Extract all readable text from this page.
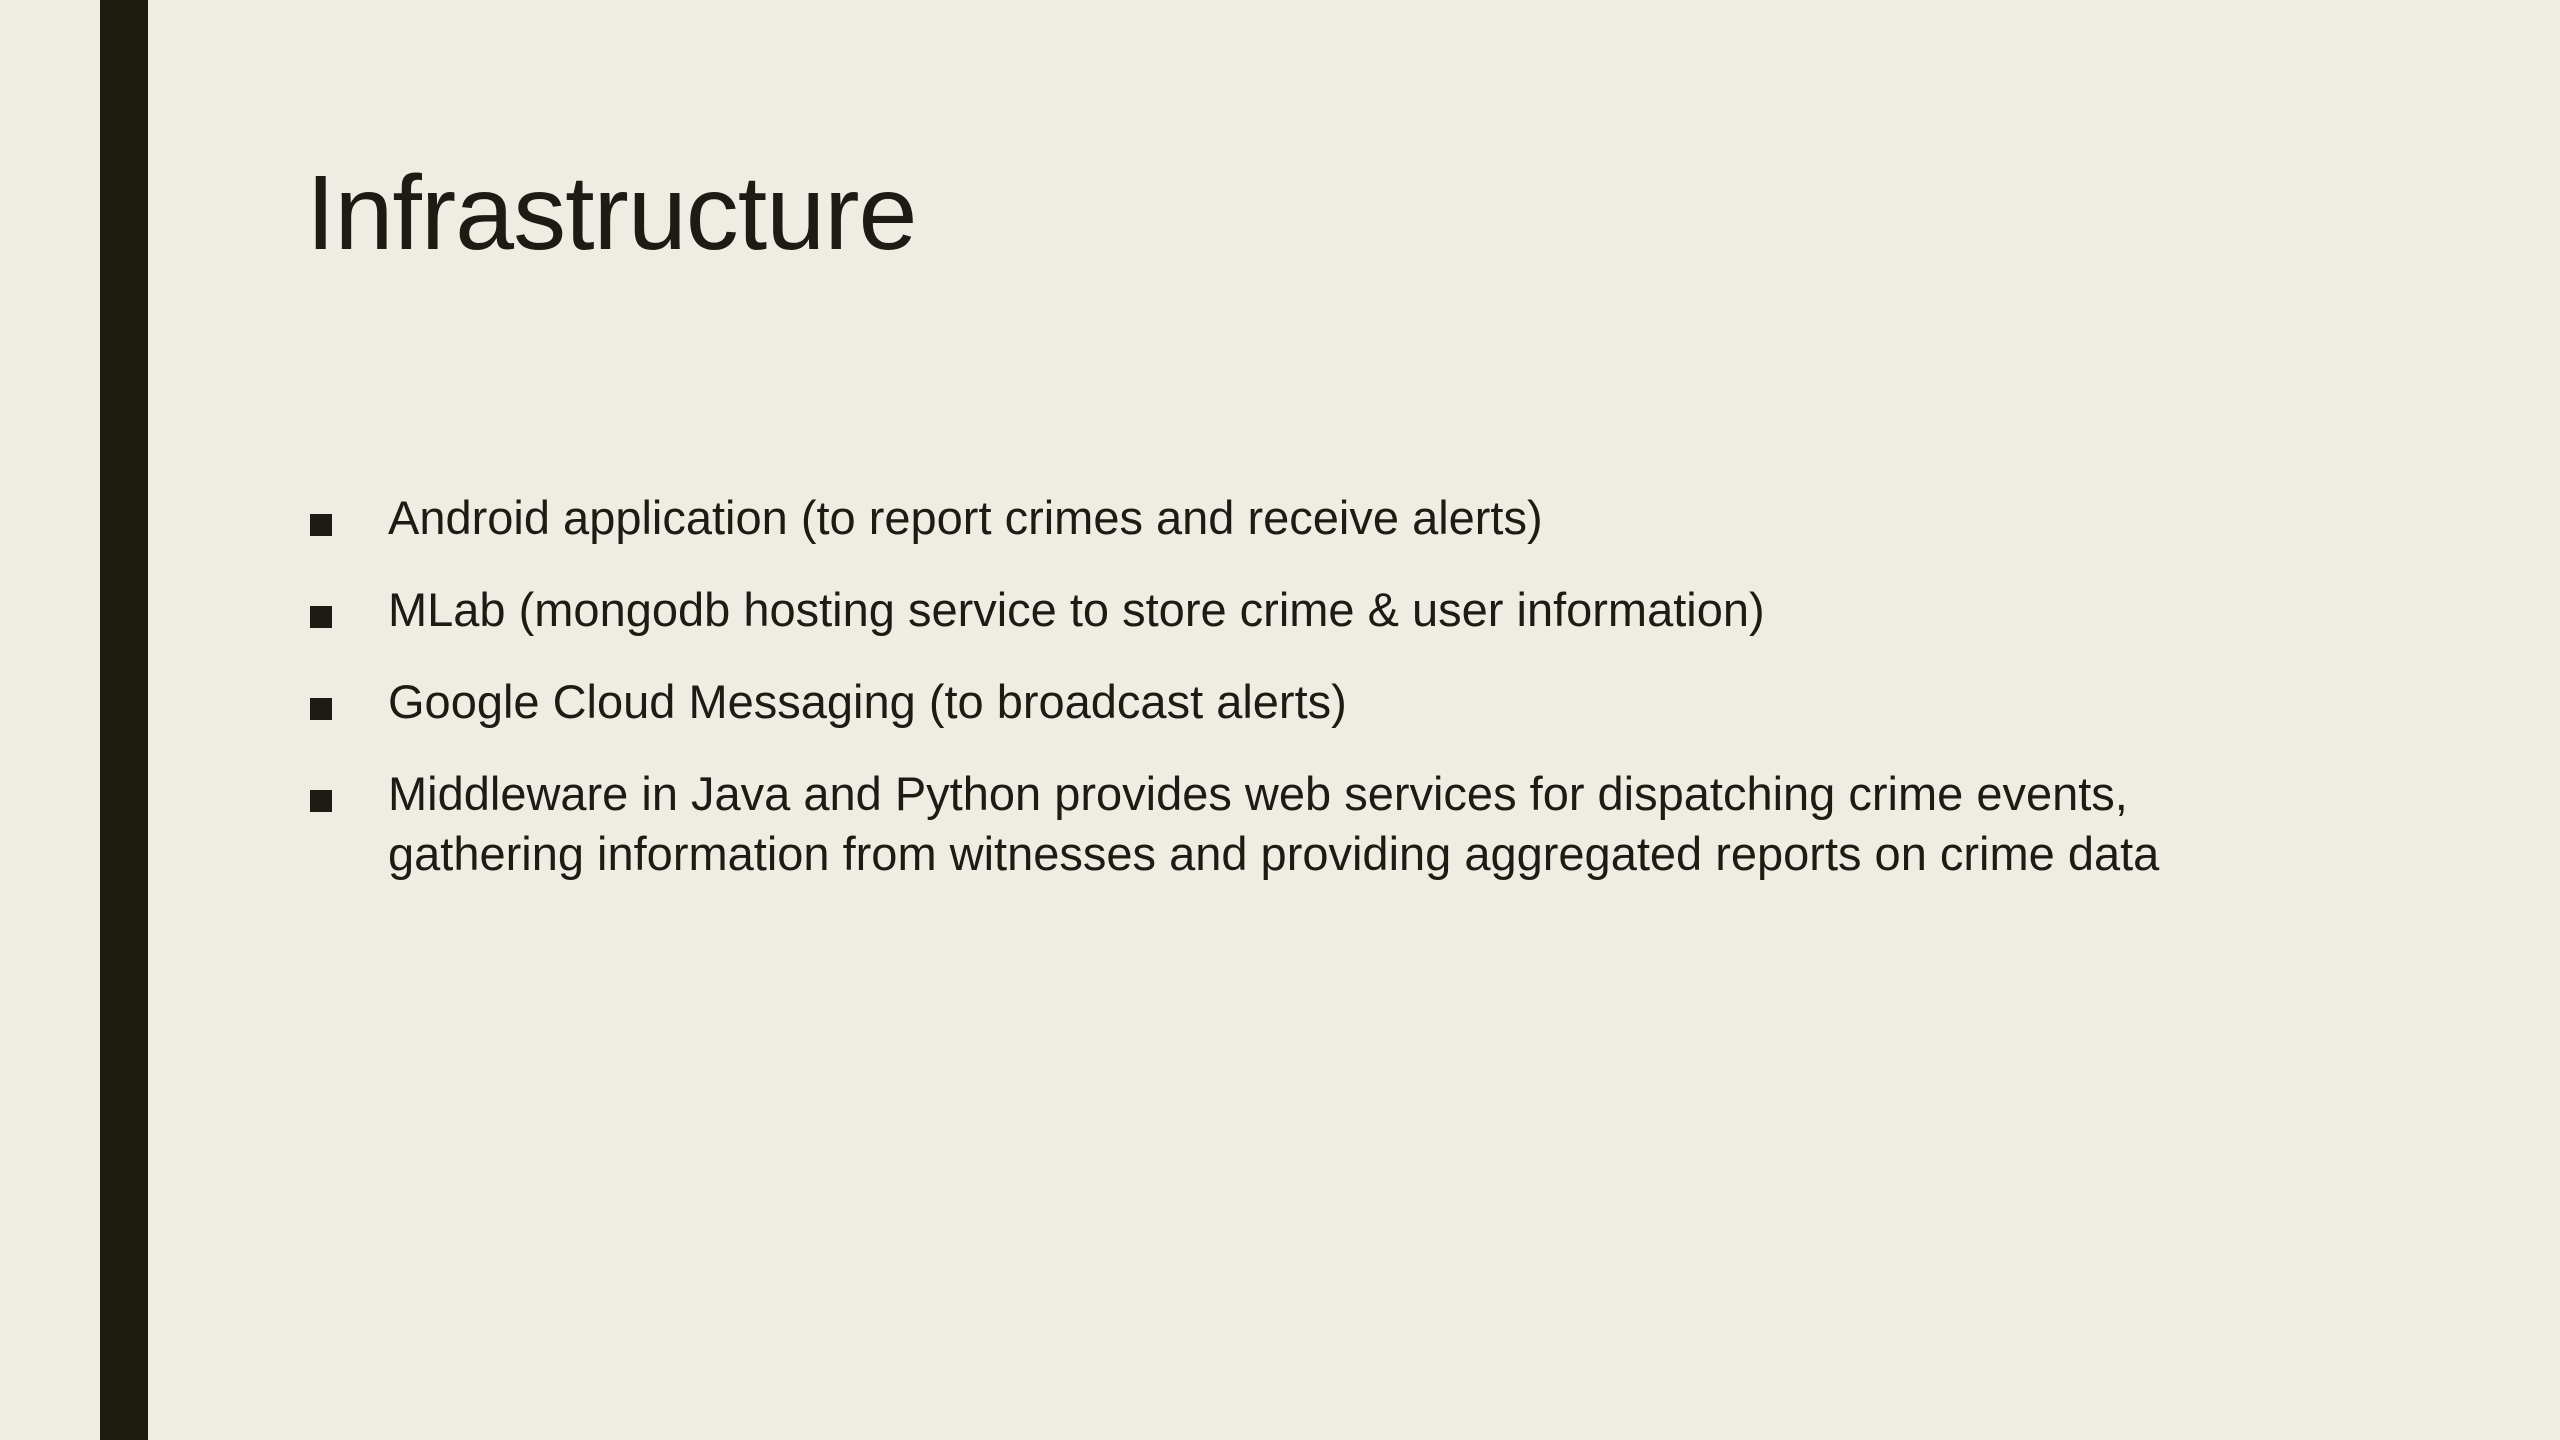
Infrastructure
Android application (to report crimes and receive alerts)
MLab (mongodb hosting service to store crime & user information)
Google Cloud Messaging (to broadcast alerts)
Middleware in Java and Python provides web services for dispatching crime events, gathering information from witnesses and providing aggregated reports on crime data
